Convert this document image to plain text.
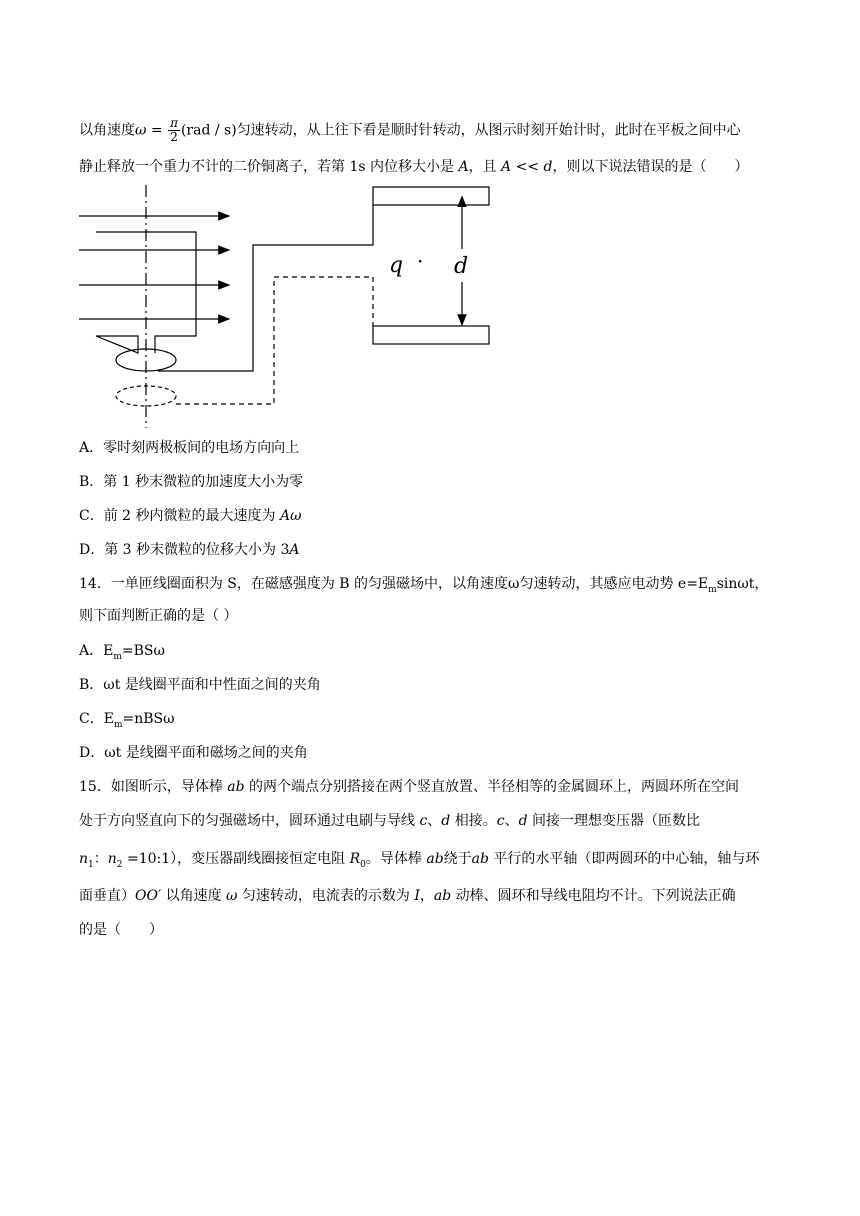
以角速度$\omega = \frac{\pi}{2} (rad / s)$匀速转动，从上往下看是顺时针转动，从图示时刻开始计时，此时在平板之间中心
静止释放一个重力不计的二价铜离子，若第 1s 内位移大小是 A，且 A << d，则以下说法错误的是（　　）
q · d
A．零时刻两极板间的电场方向向上
B．第 1 秒末微粒的加速度大小为零
C．前 2 秒内微粒的最大速度为 Aω
D．第 3 秒末微粒的位移大小为 3A
14．一单匝线圈面积为 S，在磁感强度为 B 的匀强磁场中，以角速度ω匀速转动，其感应电动势 $e=E_m\sin\omega t$，
则下面判断正确的是（ ）
A．$E_m=BS\omega$
B．ωt 是线圈平面和中性面之间的夹角
C．$E_m=nBS\omega$
D．ωt 是线圈平面和磁场之间的夹角
15．如图昕示，导体棒 ab 的两个端点分别搭接在两个竖直放置、半径相等的金属圆环上，两圆环所在空间
处于方向竖直向下的匀强磁场中，圆环通过电刷与导线 c、d 相接。c、d 间接一理想变压器（匝数比
$n_1$：$n_2$ =10:1），变压器副线圈接恒定电阻 $R_0$。导体棒 ab绕于ab 平行的水平轴（即两圆环的中心轴，轴与环
面垂直）OO′ 以角速度 ω 匀速转动，电流表的示数为 I，ab 动棒、圆环和导线电阻均不计。下列说法正确
的是（　　）
